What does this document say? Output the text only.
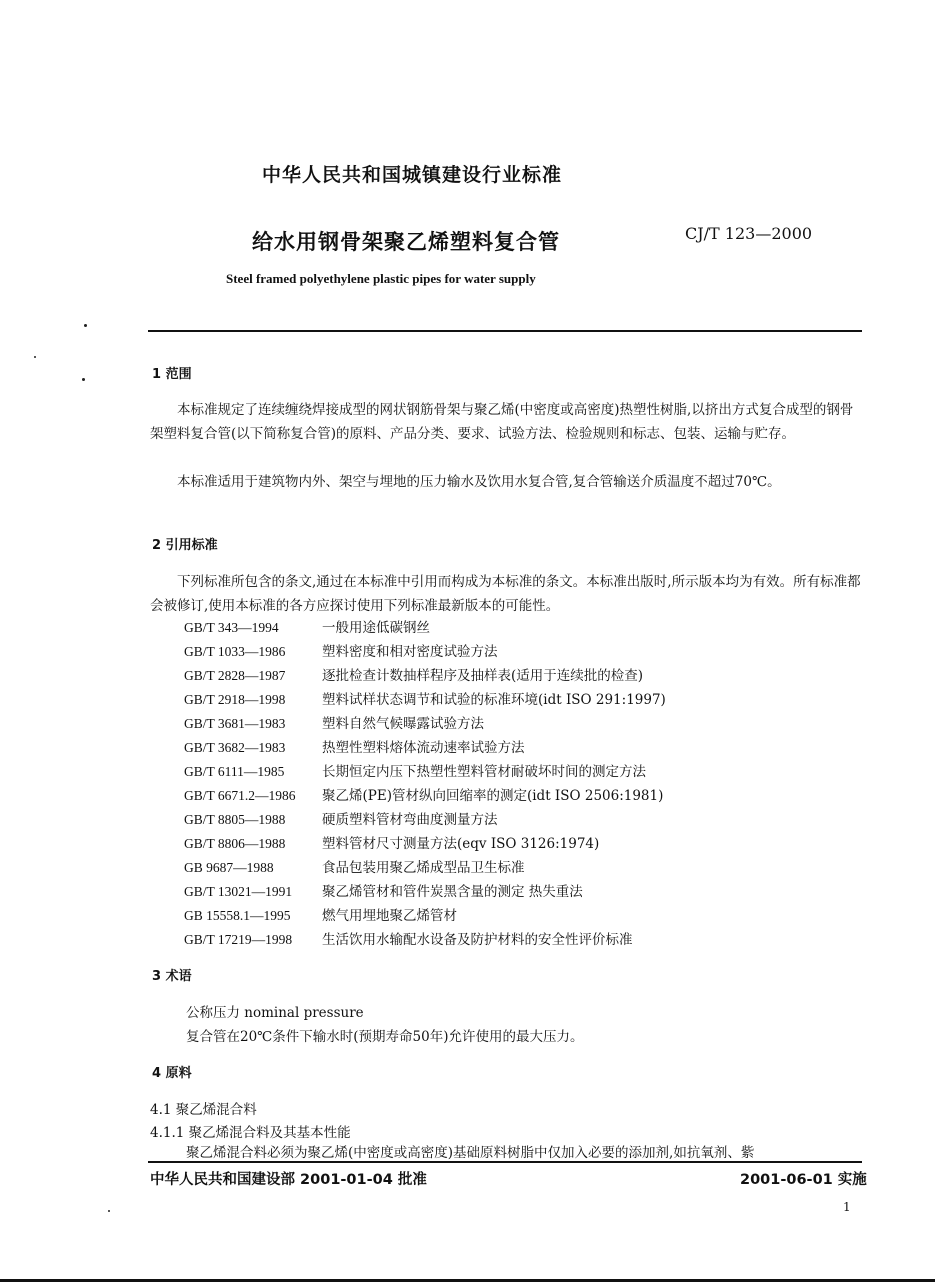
中华人民共和国城镇建设行业标准
给水用钢骨架聚乙烯塑料复合管	CJ/T 123—2000
Steel framed polyethylene plastic pipes for water supply
1 范围
本标准规定了连续缠绕焊接成型的网状钢筋骨架与聚乙烯(中密度或高密度)热塑性树脂,以挤出方式复合成型的钢骨架塑料复合管(以下简称复合管)的原料、产品分类、要求、试验方法、检验规则和标志、包装、运输与贮存。
本标准适用于建筑物内外、架空与埋地的压力输水及饮用水复合管,复合管输送介质温度不超过70℃。
2 引用标准
下列标准所包含的条文,通过在本标准中引用而构成为本标准的条文。本标准出版时,所示版本均为有效。所有标准都会被修订,使用本标准的各方应探讨使用下列标准最新版本的可能性。
GB/T 343—1994	一般用途低碳钢丝
GB/T 1033—1986	塑料密度和相对密度试验方法
GB/T 2828—1987	逐批检查计数抽样程序及抽样表(适用于连续批的检查)
GB/T 2918—1998	塑料试样状态调节和试验的标准环境(idt ISO 291:1997)
GB/T 3681—1983	塑料自然气候曝露试验方法
GB/T 3682—1983	热塑性塑料熔体流动速率试验方法
GB/T 6111—1985	长期恒定内压下热塑性塑料管材耐破坏时间的测定方法
GB/T 6671.2—1986 聚乙烯(PE)管材纵向回缩率的测定(idt ISO 2506:1981)
GB/T 8805—1988	硬质塑料管材弯曲度测量方法
GB/T 8806—1988	塑料管材尺寸测量方法(eqv ISO 3126:1974)
GB 9687—1988	食品包装用聚乙烯成型品卫生标准
GB/T 13021—1991 聚乙烯管材和管件炭黑含量的测定 热失重法
GB 15558.1—1995 燃气用埋地聚乙烯管材
GB/T 17219—1998 生活饮用水输配水设备及防护材料的安全性评价标准
3 术语
公称压力 nominal pressure
复合管在20℃条件下输水时(预期寿命50年)允许使用的最大压力。
4 原料
4.1 聚乙烯混合料
4.1.1 聚乙烯混合料及其基本性能
聚乙烯混合料必须为聚乙烯(中密度或高密度)基础原料树脂中仅加入必要的添加剂,如抗氧剂、紫
中华人民共和国建设部 2001-01-04 批准	2001-06-01 实施
1
